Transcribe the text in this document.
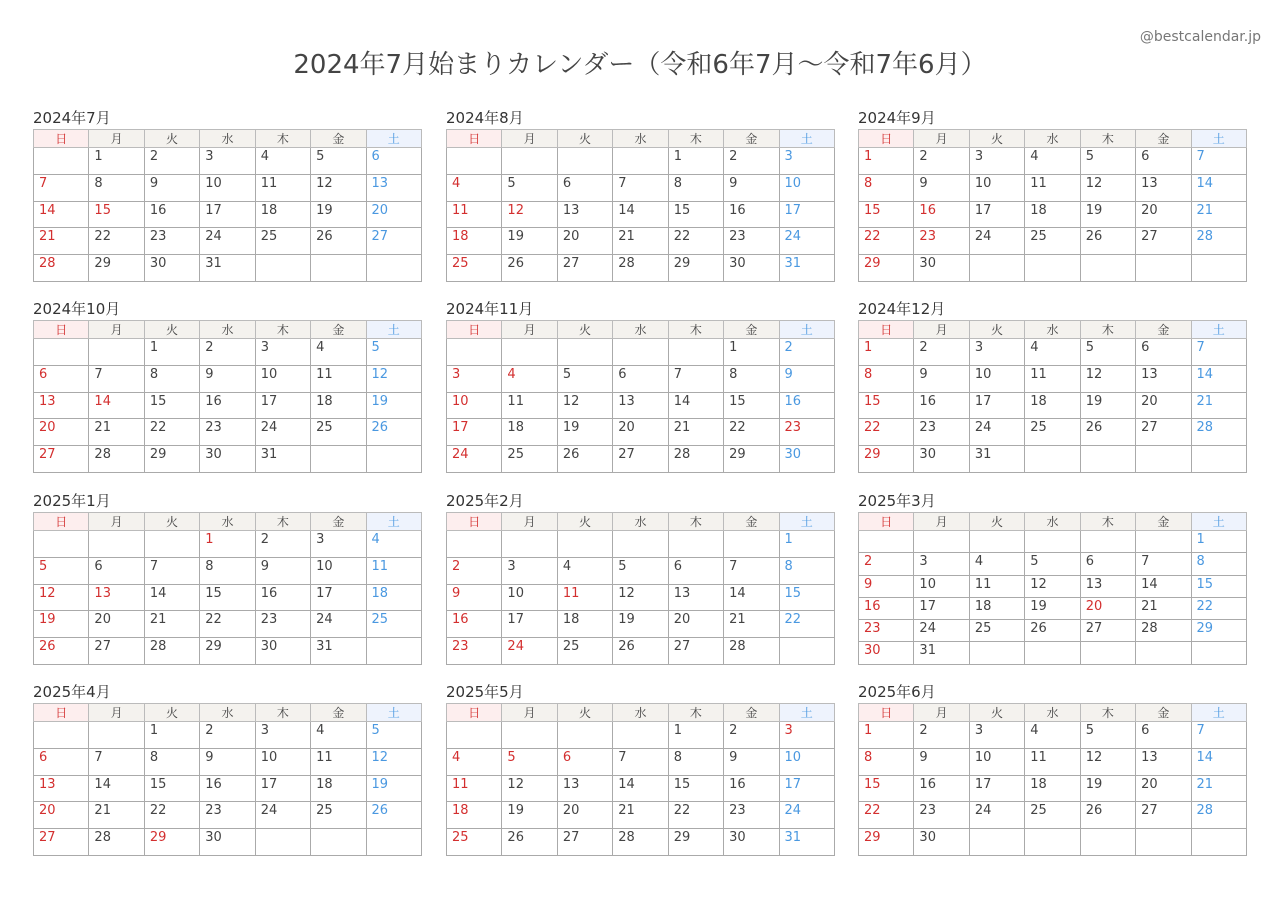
2024年7月始まりカレンダー（令和6年7月〜令和7年6月）
@bestcalendar.jp
2024年7月
日	月	火	水	木	金	土
	1	2	3	4	5	6
7	8	9	10	11	12	13
14	15	16	17	18	19	20
21	22	23	24	25	26	27
28	29	30	31			
2024年8月
日	月	火	水	木	金	土
				1	2	3
4	5	6	7	8	9	10
11	12	13	14	15	16	17
18	19	20	21	22	23	24
25	26	27	28	29	30	31
2024年9月
日	月	火	水	木	金	土
1	2	3	4	5	6	7
8	9	10	11	12	13	14
15	16	17	18	19	20	21
22	23	24	25	26	27	28
29	30					
2024年10月
日	月	火	水	木	金	土
		1	2	3	4	5
6	7	8	9	10	11	12
13	14	15	16	17	18	19
20	21	22	23	24	25	26
27	28	29	30	31		
2024年11月
日	月	火	水	木	金	土
					1	2
3	4	5	6	7	8	9
10	11	12	13	14	15	16
17	18	19	20	21	22	23
24	25	26	27	28	29	30
2024年12月
日	月	火	水	木	金	土
1	2	3	4	5	6	7
8	9	10	11	12	13	14
15	16	17	18	19	20	21
22	23	24	25	26	27	28
29	30	31				
2025年1月
日	月	火	水	木	金	土
			1	2	3	4
5	6	7	8	9	10	11
12	13	14	15	16	17	18
19	20	21	22	23	24	25
26	27	28	29	30	31	
2025年2月
日	月	火	水	木	金	土
						1
2	3	4	5	6	7	8
9	10	11	12	13	14	15
16	17	18	19	20	21	22
23	24	25	26	27	28	
2025年3月
日	月	火	水	木	金	土
						1
2	3	4	5	6	7	8
9	10	11	12	13	14	15
16	17	18	19	20	21	22
23	24	25	26	27	28	29
30	31					
2025年4月
日	月	火	水	木	金	土
		1	2	3	4	5
6	7	8	9	10	11	12
13	14	15	16	17	18	19
20	21	22	23	24	25	26
27	28	29	30			
2025年5月
日	月	火	水	木	金	土
				1	2	3
4	5	6	7	8	9	10
11	12	13	14	15	16	17
18	19	20	21	22	23	24
25	26	27	28	29	30	31
2025年6月
日	月	火	水	木	金	土
1	2	3	4	5	6	7
8	9	10	11	12	13	14
15	16	17	18	19	20	21
22	23	24	25	26	27	28
29	30					
